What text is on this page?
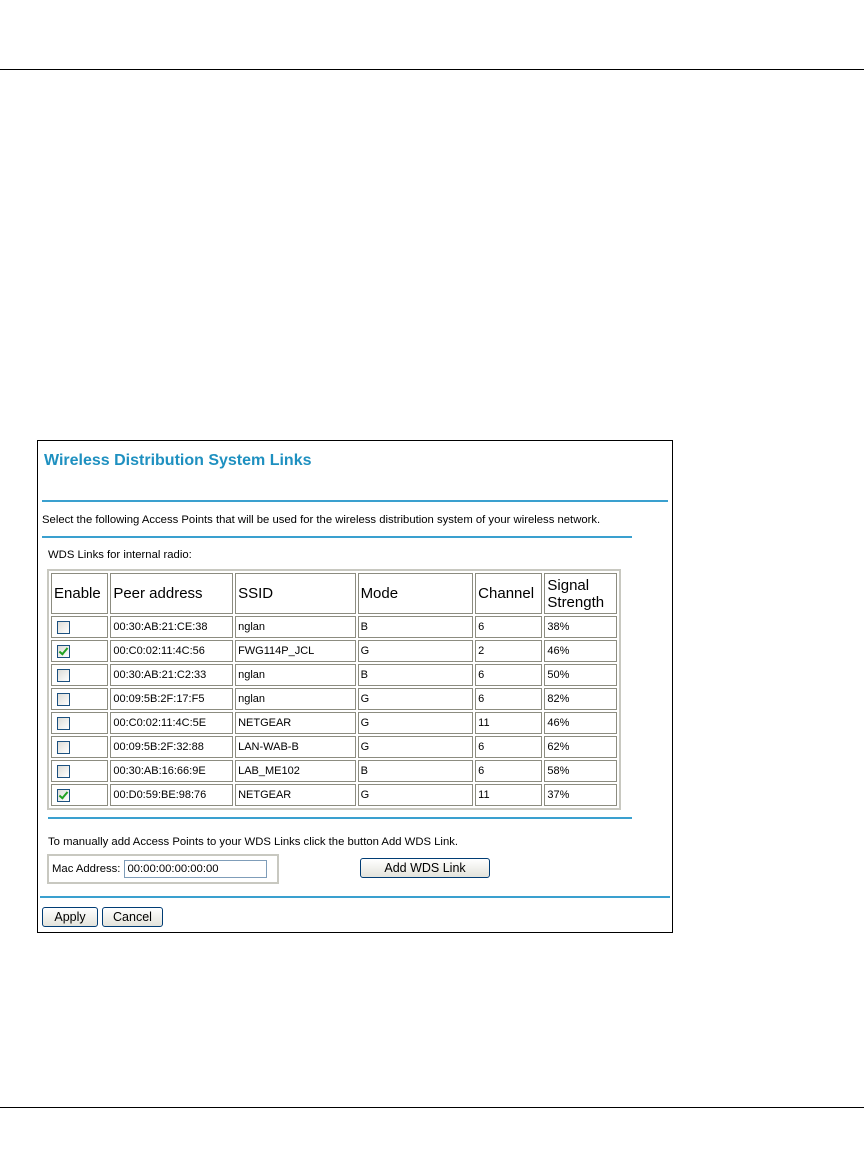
Wireless Distribution System Links
Select the following Access Points that will be used for the wireless distribution system of your wireless network.
WDS Links for internal radio:
Enable	Peer address	SSID	Mode	Channel	Signal
Strength
	00:30:AB:21:CE:38	nglan	B	6	38%
	00:C0:02:11:4C:56	FWG114P_JCL	G	2	46%
	00:30:AB:21:C2:33	nglan	B	6	50%
	00:09:5B:2F:17:F5	nglan	G	6	82%
	00:C0:02:11:4C:5E	NETGEAR	G	11	46%
	00:09:5B:2F:32:88	LAN-WAB-B	G	6	62%
	00:30:AB:16:66:9E	LAB_ME102	B	6	58%
	00:D0:59:BE:98:76	NETGEAR	G	11	37%
To manually add Access Points to your WDS Links click the button Add WDS Link.
Mac Address:
00:00:00:00:00:00	Add WDS Link
Apply	Cancel
